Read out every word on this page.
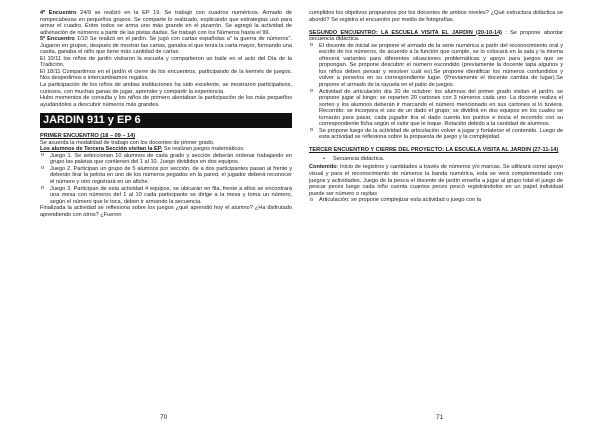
4º Encuentro 24/9 se realizó en la EP 19. Se trabajó con cuadros numéricos. Armado de rompecabezas en pequeños grupos. Se comparte lo realizado, explicando que estrategias usó para armar el cuadro. Entre todos se arma uno más grande en el pizarrón. Se agregó la actividad de adivinación de números a partir de las pistas dadas. Se trabajó con los Números hasta el 99.

5º Encuentro 1/10 Se realizó en el jardín. Se jugó con cartas españolas a" la guerra de números". Jugaron en grupos, después de mostrar las cartas, ganaba el que tenía la carta mayor, formando una casita, ganaba el niño que tiene más cantidad de cartas.

El 10/11 los niños de jardín visitaron la escuela y compartieron un baile en el acto del Día de la Tradición.

El 18/11 Compartimos en el jardín el cierre de los encuentros, participando de la kermés de juegos. Nos despedimos e intercambiamos regalos.

La participación de los niños de ambas instituciones ha sido excelente, se mostraron participativos, curiosos, con muchas ganas de jugar, aprender y compartir la experiencia

Hubo momentos de consulta y los niños de primero alentaban la participación de los más pequeños ayudándolos a descubrir números más grandes.

JARDIN 911 y EP 6

PRIMER ENCUENTRO (18 – 09 – 14)

Se acuerda la modalidad de trabajo con los docentes de primer grado.

Los alumnos de Tercera Sección visitan la EP. Se realizan juegos matemáticos.

o Juego 1. Se seleccionan 10 alumnos de cada grado y sección deberán ordenar trabajando en grupo las paletas que contienen del 1 al 10. Juego divididos en dos equipos.
o Juego 2. Participan un grupo de 5 alumnos por sección, de a dos participantes pasan al frente y deberán tirar la pelota en uno de los números pegados en la pared, el jugador deberá reconocer el número y otro registrará en un afiche.
o Juego 3. Participan de esta actividad 4 equipos, se ubicarán en fila, frente a ellos se encontrará una mesa con números del 1 al 10 cada participante se dirige a la mesa y toma un número, según el número que le toca, deben ir armando la secuencia.

Finalizada la actividad se reflexiona sobre los juegos ¿qué aprendió hoy el alumno? ¿Ha disfrutado aprendiendo con otros? ¿Fueron

cumplidos los objetivos propuestos por los docentes de ambos niveles? ¿Qué estructura didáctica se abordó? Se registra el encuentro por medio de fotografías.

SEGUNDO ENCUENTRO: LA ESCUELA VISITA EL JARDIN (20-10-14) : Se propone abordar secuencia didáctica.

o El docente de inicial se propone el armado de la serie numérica a partir del reconocimiento oral y escrito de los números, de acuerdo a la función que cumple, se lo colocará en la sala y la misma ofrecerá variantes para diferentes situaciones problemáticas y apoyo para juegos que se propongan. Se propone descubrir el número escondido (previamente la docente tapa algunos y los niños deben pensar y resolver cuál es).Se propone identificar los números confundidos y volver a ponerlos en su correspondiente lugar. (Previamente el docente cambia de lugar).Se propone el armado de la rayuela en el patio de juegos.
o Actividad de articulación día 20 de octubre: los alumnos del primer grado visitan el jardín, se propone jugar al bingo: se reparten 20 cartones con 3 números cada uno. La docente realiza el sorteo y los alumnos deberán ir marcando el número mencionado en sus cartones si lo tuviera. Recorrido: se incorpora el uso de un dado el grupo; se dividirá en dos equipos en los cuales se turnarán para pasar, cada jugador tira el dado cuenta los puntos e inicia el recorrido con su correspondiente ficha según el valor que le toque. Rotación debido a la cantidad de alumnos.
o Se propone luego de la actividad de articulación volver a jugar y fortalecer el contenido. Luego de esta actividad se reflexiona sobre la propuesta de juego y la complejidad.

TERCER ENCUENTRO Y CIERRE DEL PROYECTO: LA ESCUELA VISITA AL JARDIN (27-11-14)

• Secuencia didáctica.

Contenido: Inicio de registros y cantidades a través de números y/o marcas. Se utilizará como apoyo visual y para el reconocimiento de números la banda numérica, esta se verá complementado con juegos y actividades. Juego de la pesca el docente de jardín enseña a jugar al grupo total el juego de pescar peces luego cada niño cuenta cuantos peces pescó registrándolos en un papel individual puede ser número o rayitas

o Articulación: se propone complejizar esta actividad o juego con la
70	71
